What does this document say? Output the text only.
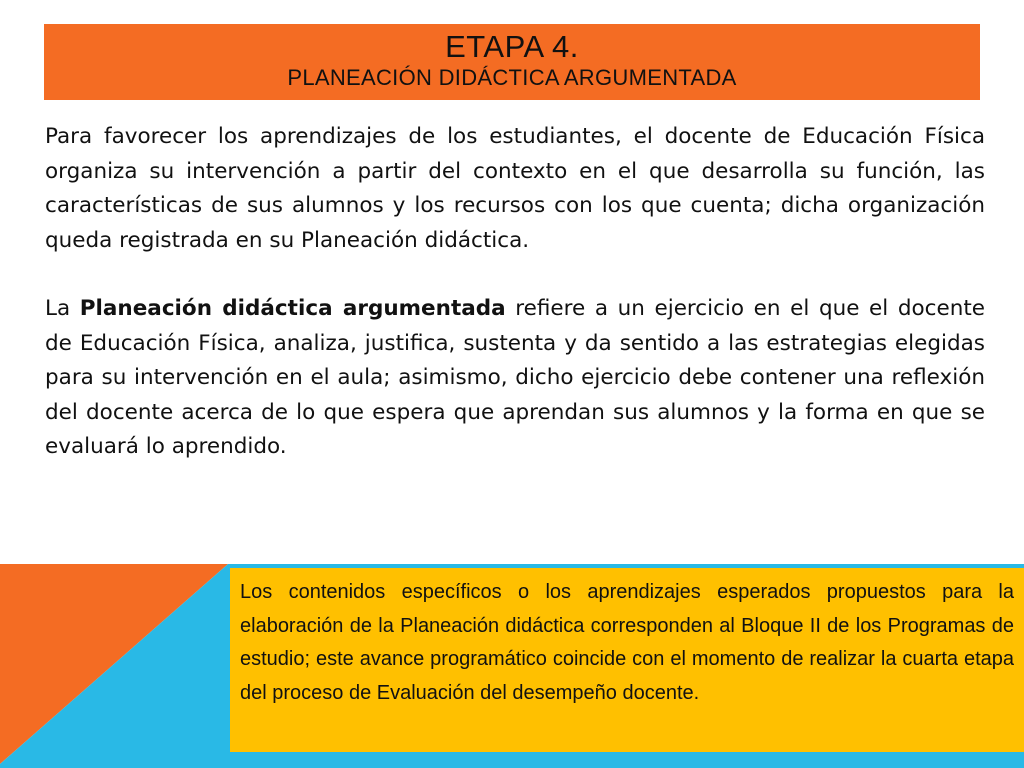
ETAPA 4.
PLANEACIÓN DIDÁCTICA ARGUMENTADA

Para favorecer los aprendizajes de los estudiantes, el docente de Educación Física organiza su intervención a partir del contexto en el que desarrolla su función, las características de sus alumnos y los recursos con los que cuenta; dicha organización queda registrada en su Planeación didáctica.

La Planeación didáctica argumentada refiere a un ejercicio en el que el docente de Educación Física, analiza, justifica, sustenta y da sentido a las estrategias elegidas para su intervención en el aula; asimismo, dicho ejercicio debe contener una reflexión del docente acerca de lo que espera que aprendan sus alumnos y la forma en que se evaluará lo aprendido.

Los contenidos específicos o los aprendizajes esperados propuestos para la elaboración de la Planeación didáctica corresponden al Bloque II de los Programas de estudio; este avance programático coincide con el momento de realizar la cuarta etapa del proceso de Evaluación del desempeño docente.
